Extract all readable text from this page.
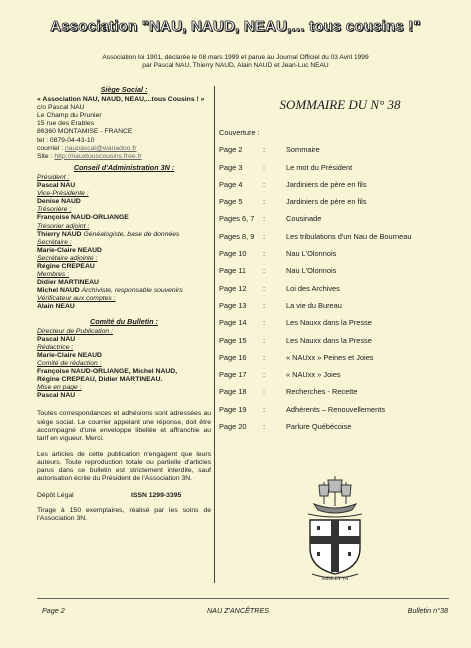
Association "NAU, NAUD, NEAU,... tous cousins !"
Association loi 1901, déclarée le 08 mars 1999 et parue au Journal Officiel du 03 Avril 1999
par Pascal NAU, Thierry NAUD, Alain NAUD et Jean-Luc NEAU
Siège Social :
« Association NAU, NAUD, NEAU,...tous Cousins ! »
c/o Pascal NAU
Le Champ du Prunier
15 rue des Erables
86360 MONTAMISE - FRANCE
tel : 0879-04-43-10
courriel : naupascal@wanadoo.fr
Site : http://nauxtouscousins.free.fr
Conseil d'Administration 3N :
Président :
Pascal NAU
Vice-Présidente :
Denise NAUD
Trésorière :
Françoise NAUD-ORLIANGE
Trésorier adjoint :
Thierry NAUD Généalogiste, base de données
Secrétaire :
Marie-Claire NEAUD
Secrétaire adjointe :
Régine CREPEAU
Membres :
Didier MARTINEAU
Michel NAUD Archiviste, responsable souvenirs
Vérificateur aux comptes :
Alain NEAU
Comité du Bulletin :
Directeur de Publication :
Pascal NAU
Rédactrice :
Marie-Claire NEAUD
Comité de rédaction :
Françoise NAUD-ORLIANGE, Michel NAUD,
Régine CREPEAU, Didier MARTINEAU.
Mise en page :
Pascal NAU
Toutes correspondances et adhésions sont adressées au siège social. Le courrier appelant une réponse, doit être accompagné d'une enveloppe libellée et affranchie au tarif en vigueur. Merci.
Les articles de cette publication n'engagent que leurs auteurs. Toute reproduction totale ou partielle d'articles parus dans ce bulletin est strictement interdite, sauf autorisation écrite du Président de l'Association 3N.
Dépôt Légal	ISSN 1299-3395
Tirage à 150 exemplaires, réalisé par les soins de l'Association 3N.
SOMMAIRE DU N° 38
Couverture :
Page 2	:	Sommaire
Page 3	:	Le mot du Président
Page 4	:	Jardiniers de père en fils
Page 5	:	Jardiniers de père en fils
Pages 6, 7 :	Cousinade
Pages 8, 9 :	Les tribulations d'un Nau de Bourneau
Page 10 :	Nau L'Olonnois
Page 11 :	Nau L'Olonnois
Page 12 :	Loi des Archives
Page 13 :	La vie du Bureau
Page 14 :	Les Nauxx dans la Presse
Page 15 :	Les Nauxx dans la Presse
Page 16 :	« NAUxx » Peines et Joies
Page 17 :	« NAUxx » Joies
Page 18 :	Recherches - Recette
Page 19 :	Adhérents – Renouvellements
Page 20 :	Parlure Québécoise
AIDE ET VA
Page 2	NAU Z'ANCÊTRES	Bulletin n°38
